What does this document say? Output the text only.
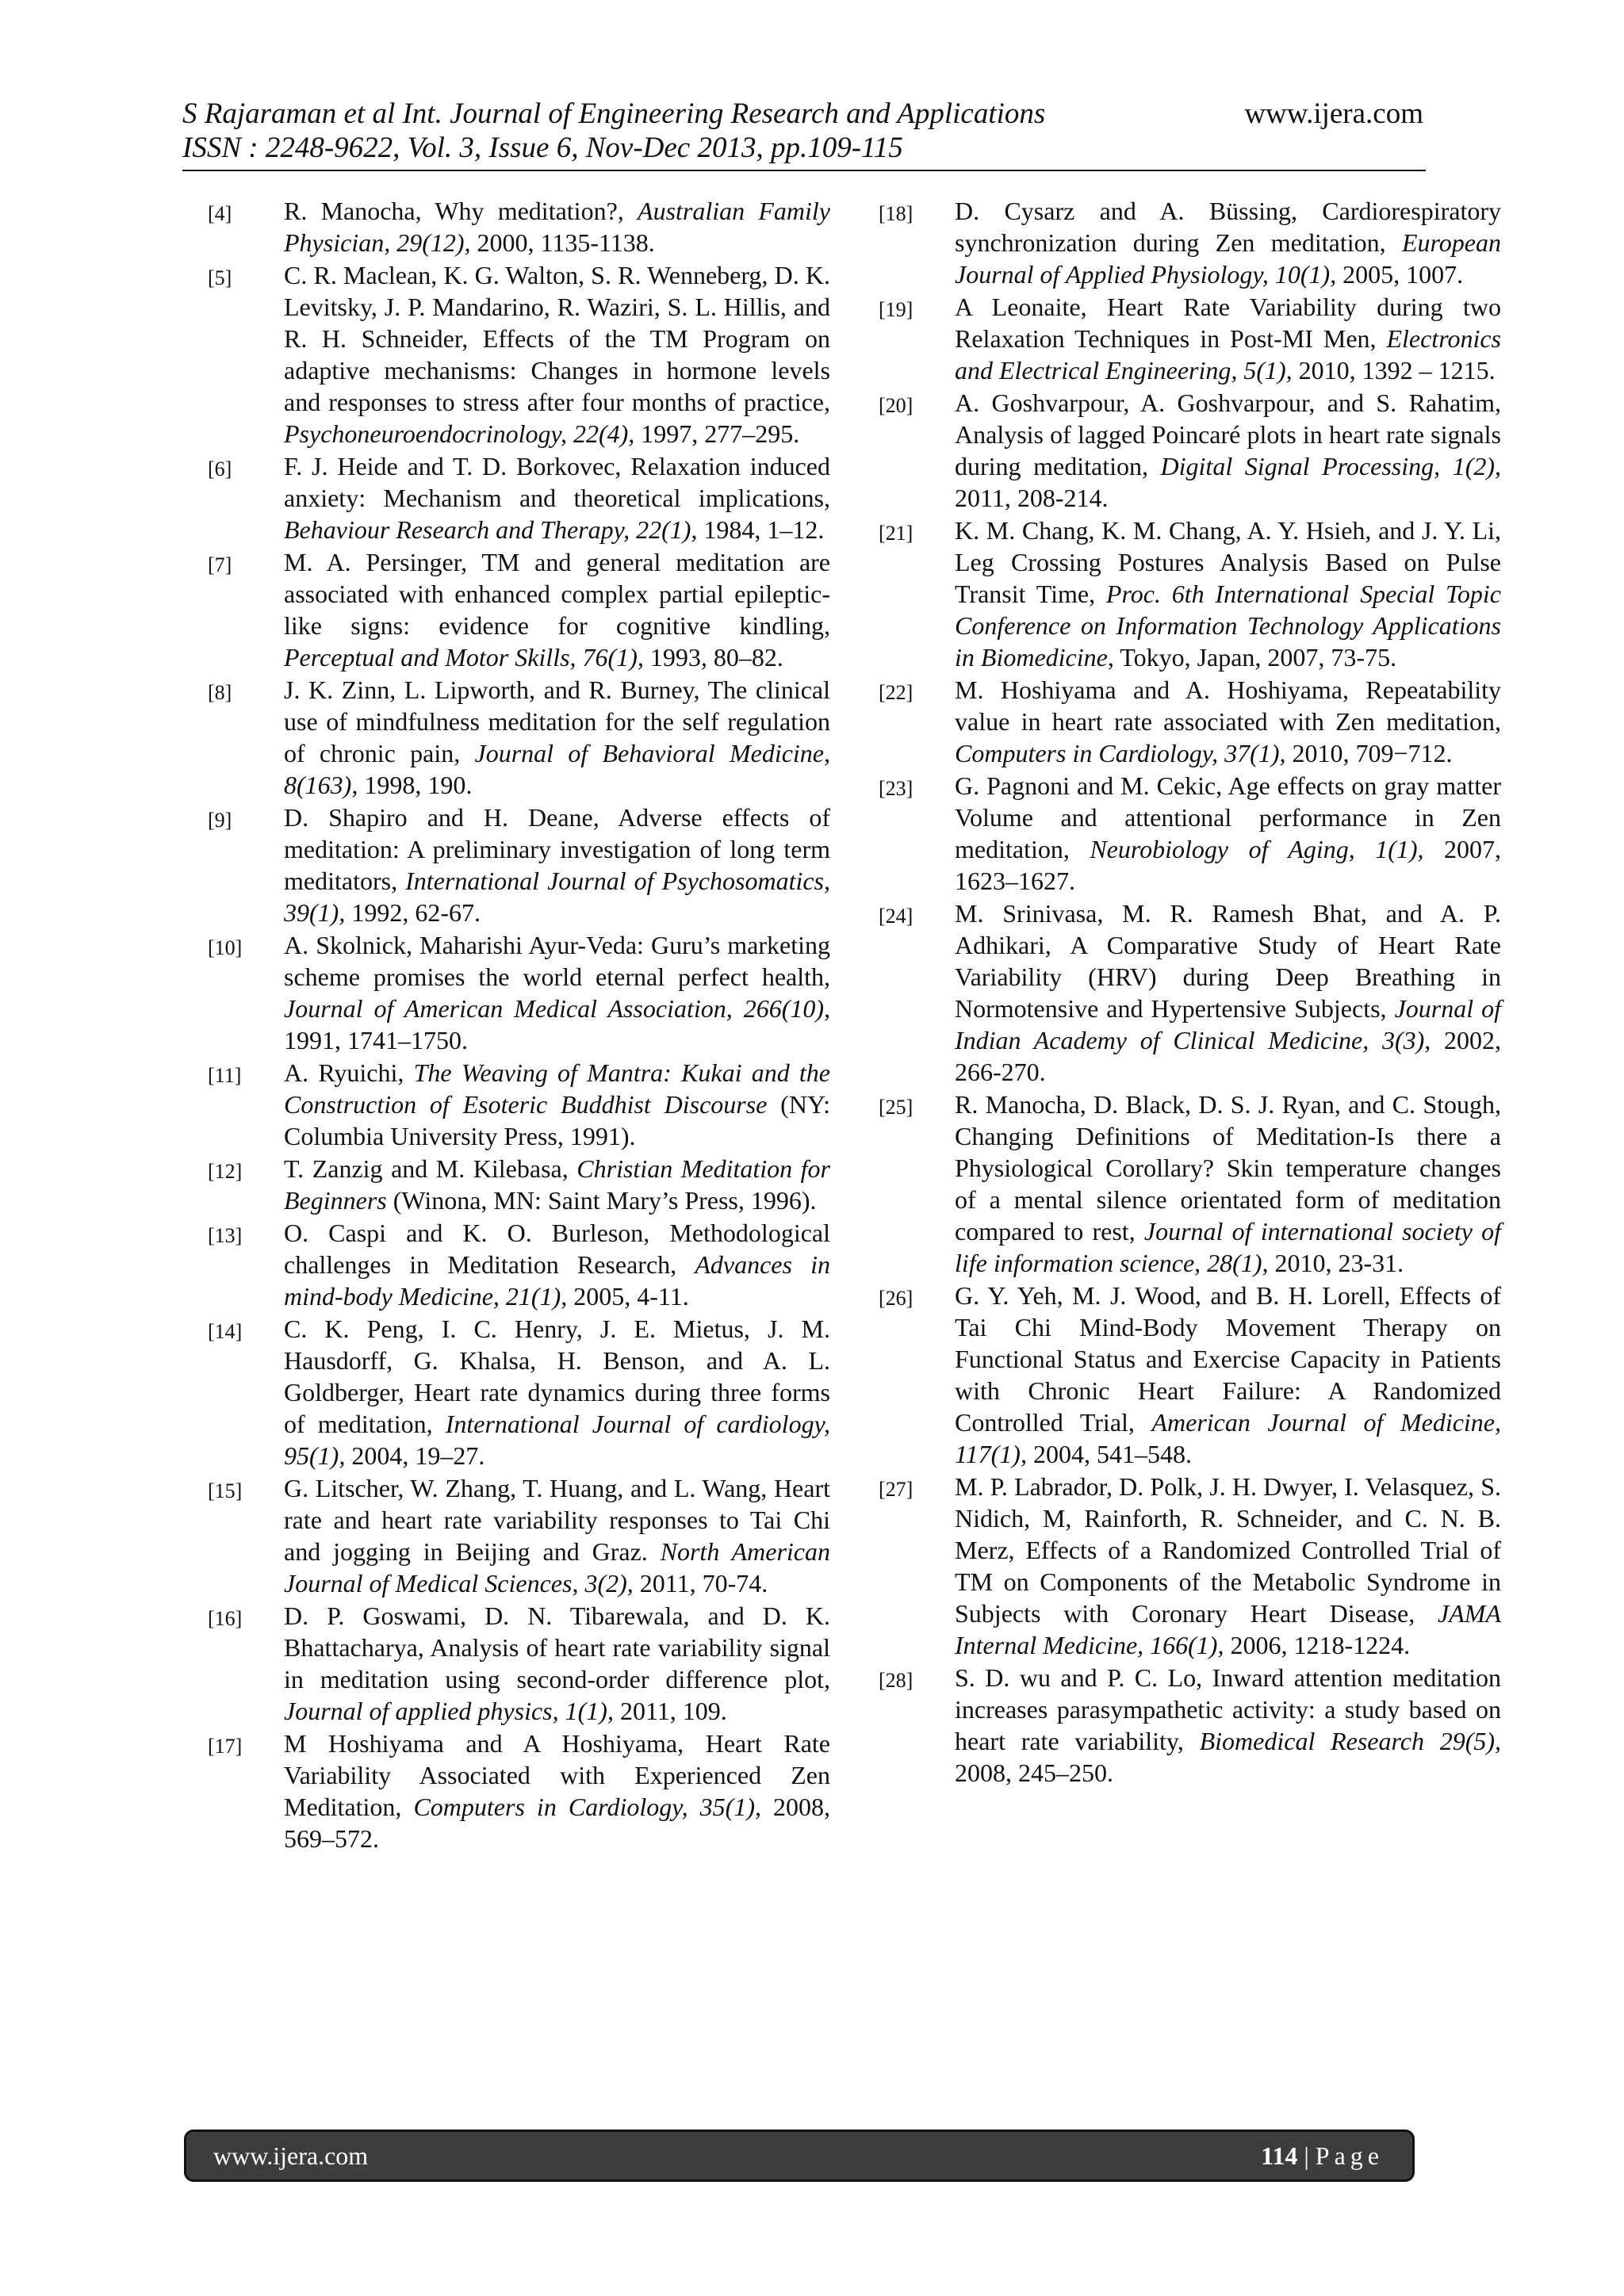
S Rajaraman et al Int. Journal of Engineering Research and Applications	www.ijera.com
ISSN : 2248-9622, Vol. 3, Issue 6, Nov-Dec 2013, pp.109-115
[4]	R. Manocha, Why meditation?, Australian Family Physician, 29(12), 2000, 1135-1138.
[5]	C. R. Maclean, K. G. Walton, S. R. Wenneberg, D. K. Levitsky, J. P. Mandarino, R. Waziri, S. L. Hillis, and R. H. Schneider, Effects of the TM Program on adaptive mechanisms: Changes in hormone levels and responses to stress after four months of practice, Psychoneuroendocrinology, 22(4), 1997, 277–295.
[6]	F. J. Heide and T. D. Borkovec, Relaxation induced anxiety: Mechanism and theoretical implications, Behaviour Research and Therapy, 22(1), 1984, 1–12.
[7]	M. A. Persinger, TM and general meditation are associated with enhanced complex partial epileptic-like signs: evidence for cognitive kindling, Perceptual and Motor Skills, 76(1), 1993, 80–82.
[8]	J. K. Zinn, L. Lipworth, and R. Burney, The clinical use of mindfulness meditation for the self regulation of chronic pain, Journal of Behavioral Medicine, 8(163), 1998, 190.
[9]	D. Shapiro and H. Deane, Adverse effects of meditation: A preliminary investigation of long term meditators, International Journal of Psychosomatics, 39(1), 1992, 62-67.
[10]	A. Skolnick, Maharishi Ayur-Veda: Guru’s marketing scheme promises the world eternal perfect health, Journal of American Medical Association, 266(10), 1991, 1741–1750.
[11]	A. Ryuichi, The Weaving of Mantra: Kukai and the Construction of Esoteric Buddhist Discourse (NY: Columbia University Press, 1991).
[12]	T. Zanzig and M. Kilebasa, Christian Meditation for Beginners (Winona, MN: Saint Mary’s Press, 1996).
[13]	O. Caspi and K. O. Burleson, Methodological challenges in Meditation Research, Advances in mind-body Medicine, 21(1), 2005, 4-11.
[14]	C. K. Peng, I. C. Henry, J. E. Mietus, J. M. Hausdorff, G. Khalsa, H. Benson, and A. L. Goldberger, Heart rate dynamics during three forms of meditation, International Journal of cardiology, 95(1), 2004, 19–27.
[15]	G. Litscher, W. Zhang, T. Huang, and L. Wang, Heart rate and heart rate variability responses to Tai Chi and jogging in Beijing and Graz. North American Journal of Medical Sciences, 3(2), 2011, 70-74.
[16]	D. P. Goswami, D. N. Tibarewala, and D. K. Bhattacharya, Analysis of heart rate variability signal in meditation using second-order difference plot, Journal of applied physics, 1(1), 2011, 109.
[17]	M Hoshiyama and A Hoshiyama, Heart Rate Variability Associated with Experienced Zen Meditation, Computers in Cardiology, 35(1), 2008, 569–572.
[18]	D. Cysarz and A. Büssing, Cardiorespiratory synchronization during Zen meditation, European Journal of Applied Physiology, 10(1), 2005, 1007.
[19]	A Leonaite, Heart Rate Variability during two Relaxation Techniques in Post-MI Men, Electronics and Electrical Engineering, 5(1), 2010, 1392 – 1215.
[20]	A. Goshvarpour, A. Goshvarpour, and S. Rahatim, Analysis of lagged Poincaré plots in heart rate signals during meditation, Digital Signal Processing, 1(2), 2011, 208-214.
[21]	K. M. Chang, K. M. Chang, A. Y. Hsieh, and J. Y. Li, Leg Crossing Postures Analysis Based on Pulse Transit Time, Proc. 6th International Special Topic Conference on Information Technology Applications in Biomedicine, Tokyo, Japan, 2007, 73-75.
[22]	M. Hoshiyama and A. Hoshiyama, Repeatability value in heart rate associated with Zen meditation, Computers in Cardiology, 37(1), 2010, 709−712.
[23]	G. Pagnoni and M. Cekic, Age effects on gray matter Volume and attentional performance in Zen meditation, Neurobiology of Aging, 1(1), 2007, 1623–1627.
[24]	M. Srinivasa, M. R. Ramesh Bhat, and A. P. Adhikari, A Comparative Study of Heart Rate Variability (HRV) during Deep Breathing in Normotensive and Hypertensive Subjects, Journal of Indian Academy of Clinical Medicine, 3(3), 2002, 266-270.
[25]	R. Manocha, D. Black, D. S. J. Ryan, and C. Stough, Changing Definitions of Meditation-Is there a Physiological Corollary? Skin temperature changes of a mental silence orientated form of meditation compared to rest, Journal of international society of life information science, 28(1), 2010, 23-31.
[26]	G. Y. Yeh, M. J. Wood, and B. H. Lorell, Effects of Tai Chi Mind-Body Movement Therapy on Functional Status and Exercise Capacity in Patients with Chronic Heart Failure: A Randomized Controlled Trial, American Journal of Medicine, 117(1), 2004, 541–548.
[27]	M. P. Labrador, D. Polk, J. H. Dwyer, I. Velasquez, S. Nidich, M, Rainforth, R. Schneider, and C. N. B. Merz, Effects of a Randomized Controlled Trial of TM on Components of the Metabolic Syndrome in Subjects with Coronary Heart Disease, JAMA Internal Medicine, 166(1), 2006, 1218-1224.
[28]	S. D. wu and P. C. Lo, Inward attention meditation increases parasympathetic activity: a study based on heart rate variability, Biomedical Research 29(5), 2008, 245–250.
www.ijera.com	114 | Page
